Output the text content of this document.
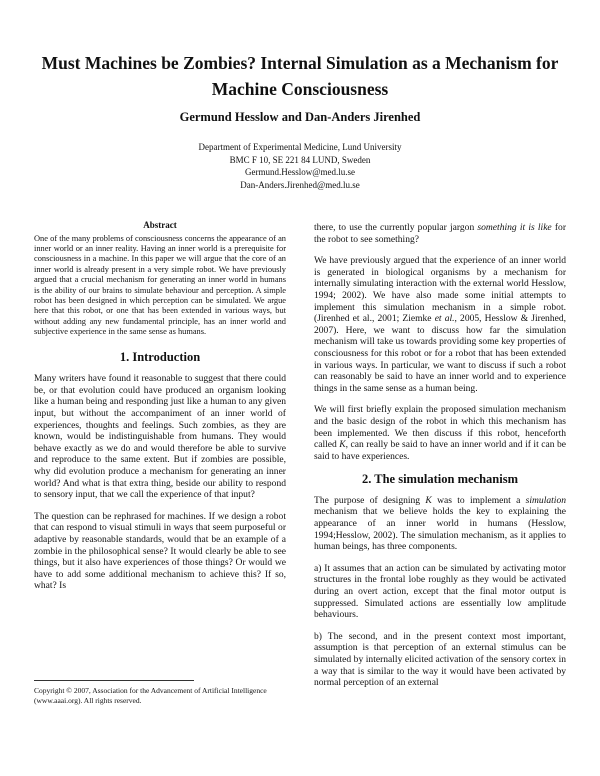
Must Machines be Zombies? Internal Simulation as a Mechanism for Machine Consciousness
Germund Hesslow and Dan-Anders Jirenhed
Department of Experimental Medicine, Lund University
BMC F 10, SE 221 84 LUND, Sweden
Germund.Hesslow@med.lu.se
Dan-Anders.Jirenhed@med.lu.se
Abstract

One of the many problems of consciousness concerns the appearance of an inner world or an inner reality. Having an inner world is a prerequisite for consciousness in a machine. In this paper we will argue that the core of an inner world is already present in a very simple robot. We have previously argued that a crucial mechanism for generating an inner world in humans is the ability of our brains to simulate behaviour and perception. A simple robot has been designed in which perception can be simulated. We argue here that this robot, or one that has been extended in various ways, but without adding any new fundamental principle, has an inner world and subjective experience in the same sense as humans.

1. Introduction

Many writers have found it reasonable to suggest that there could be, or that evolution could have produced an organism looking like a human being and responding just like a human to any given input, but without the accompaniment of an inner world of experiences, thoughts and feelings. Such zombies, as they are known, would be indistinguishable from humans. They would behave exactly as we do and would therefore be able to survive and reproduce to the same extent. But if zombies are possible, why did evolution produce a mechanism for generating an inner world? And what is that extra thing, beside our ability to respond to sensory input, that we call the experience of that input?

The question can be rephrased for machines. If we design a robot that can respond to visual stimuli in ways that seem purposeful or adaptive by reasonable standards, would that be an example of a zombie in the philosophical sense? It would clearly be able to see things, but it also have experiences of those things? Or would we have to add some additional mechanism to achieve this? If so, what? Is

there, to use the currently popular jargon something it is like for the robot to see something?

We have previously argued that the experience of an inner world is generated in biological organisms by a mechanism for internally simulating interaction with the external world Hesslow, 1994; 2002). We have also made some initial attempts to implement this simulation mechanism in a simple robot. (Jirenhed et al., 2001; Ziemke et al., 2005, Hesslow & Jirenhed, 2007). Here, we want to discuss how far the simulation mechanism will take us towards providing some key properties of consciousness for this robot or for a robot that has been extended in various ways. In particular, we want to discuss if such a robot can reasonably be said to have an inner world and to experience things in the same sense as a human being.

We will first briefly explain the proposed simulation mechanism and the basic design of the robot in which this mechanism has been implemented. We then discuss if this robot, henceforth called K, can really be said to have an inner world and if it can be said to have experiences.

2. The simulation mechanism

The purpose of designing K was to implement a simulation mechanism that we believe holds the key to explaining the appearance of an inner world in humans (Hesslow, 1994;Hesslow, 2002). The simulation mechanism, as it applies to human beings, has three components.

a) It assumes that an action can be simulated by activating motor structures in the frontal lobe roughly as they would be activated during an overt action, except that the final motor output is suppressed. Simulated actions are essentially low amplitude behaviours.

b) The second, and in the present context most important, assumption is that perception of an external stimulus can be simulated by internally elicited activation of the sensory cortex in a way that is similar to the way it would have been activated by normal perception of an external

Copyright © 2007, Association for the Advancement of Artificial Intelligence (www.aaai.org). All rights reserved.
